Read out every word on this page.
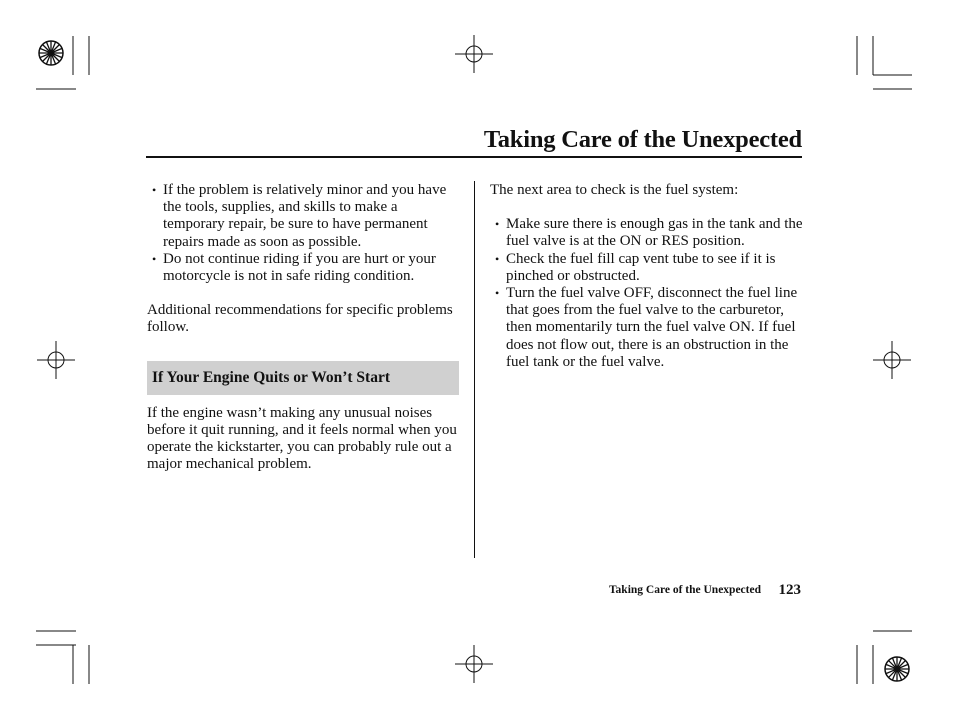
Taking Care of the Unexpected
• If the problem is relatively minor and you have the tools, supplies, and skills to make a temporary repair, be sure to have permanent repairs made as soon as possible.
• Do not continue riding if you are hurt or your motorcycle is not in safe riding condition.

Additional recommendations for specific problems follow.

If Your Engine Quits or Won’t Start

If the engine wasn’t making any unusual noises before it quit running, and it feels normal when you operate the kickstarter, you can probably rule out a major mechanical problem.

The next area to check is the fuel system:

• Make sure there is enough gas in the tank and the fuel valve is at the ON or RES position.
• Check the fuel fill cap vent tube to see if it is pinched or obstructed.
• Turn the fuel valve OFF, disconnect the fuel line that goes from the fuel valve to the carburetor, then momentarily turn the fuel valve ON. If fuel does not flow out, there is an obstruction in the fuel tank or the fuel valve.
Taking Care of the Unexpected 123
